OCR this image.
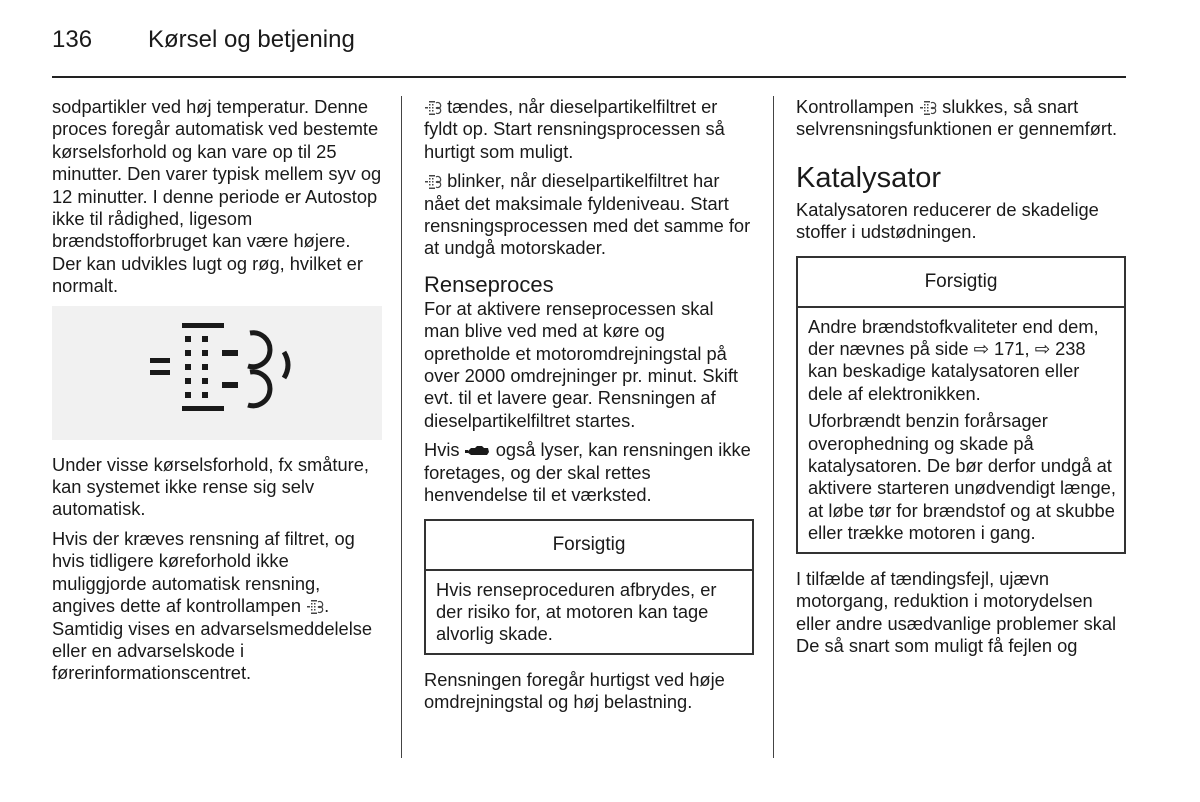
136 Kørsel og betjening

sodpartikler ved høj temperatur. Denne proces foregår automatisk ved bestemte kørselsforhold og kan vare op til 25 minutter. Den varer typisk mellem syv og 12 minutter. I denne periode er Autostop ikke til rådighed, ligesom brændstofforbruget kan være højere. Der kan udvikles lugt og røg, hvilket er normalt.

Under visse kørselsforhold, fx småture, kan systemet ikke rense sig selv automatisk.

Hvis der kræves rensning af filtret, og hvis tidligere køreforhold ikke muliggjorde automatisk rensning, angives dette af kontrollampen . Samtidig vises en advarselsmeddelelse eller en advarselskode i førerinformationscentret.

tændes, når dieselpartikelfiltret er fyldt op. Start rensningsprocessen så hurtigt som muligt.

blinker, når dieselpartikelfiltret har nået det maksimale fyldeniveau. Start rensningsprocessen med det samme for at undgå motorskader.

Renseproces

For at aktivere renseprocessen skal man blive ved med at køre og opretholde et motoromdrejningstal på over 2000 omdrejninger pr. minut. Skift evt. til et lavere gear. Rensningen af dieselpartikelfiltret startes.

Hvis også lyser, kan rensningen ikke foretages, og der skal rettes henvendelse til et værksted.

Forsigtig

Hvis renseproceduren afbrydes, er der risiko for, at motoren kan tage alvorlig skade.

Rensningen foregår hurtigst ved høje omdrejningstal og høj belastning.

Kontrollampen slukkes, så snart selvrensningsfunktionen er gennemført.

Katalysator

Katalysatoren reducerer de skadelige stoffer i udstødningen.

Forsigtig

Andre brændstofkvaliteter end dem, der nævnes på side ⇨ 171, ⇨ 238 kan beskadige katalysatoren eller dele af elektronikken.

Uforbrændt benzin forårsager overophedning og skade på katalysatoren. De bør derfor undgå at aktivere starteren unødvendigt længe, at løbe tør for brændstof og at skubbe eller trække motoren i gang.

I tilfælde af tændingsfejl, ujævn motorgang, reduktion i motorydelsen eller andre usædvanlige problemer skal De så snart som muligt få fejlen og
